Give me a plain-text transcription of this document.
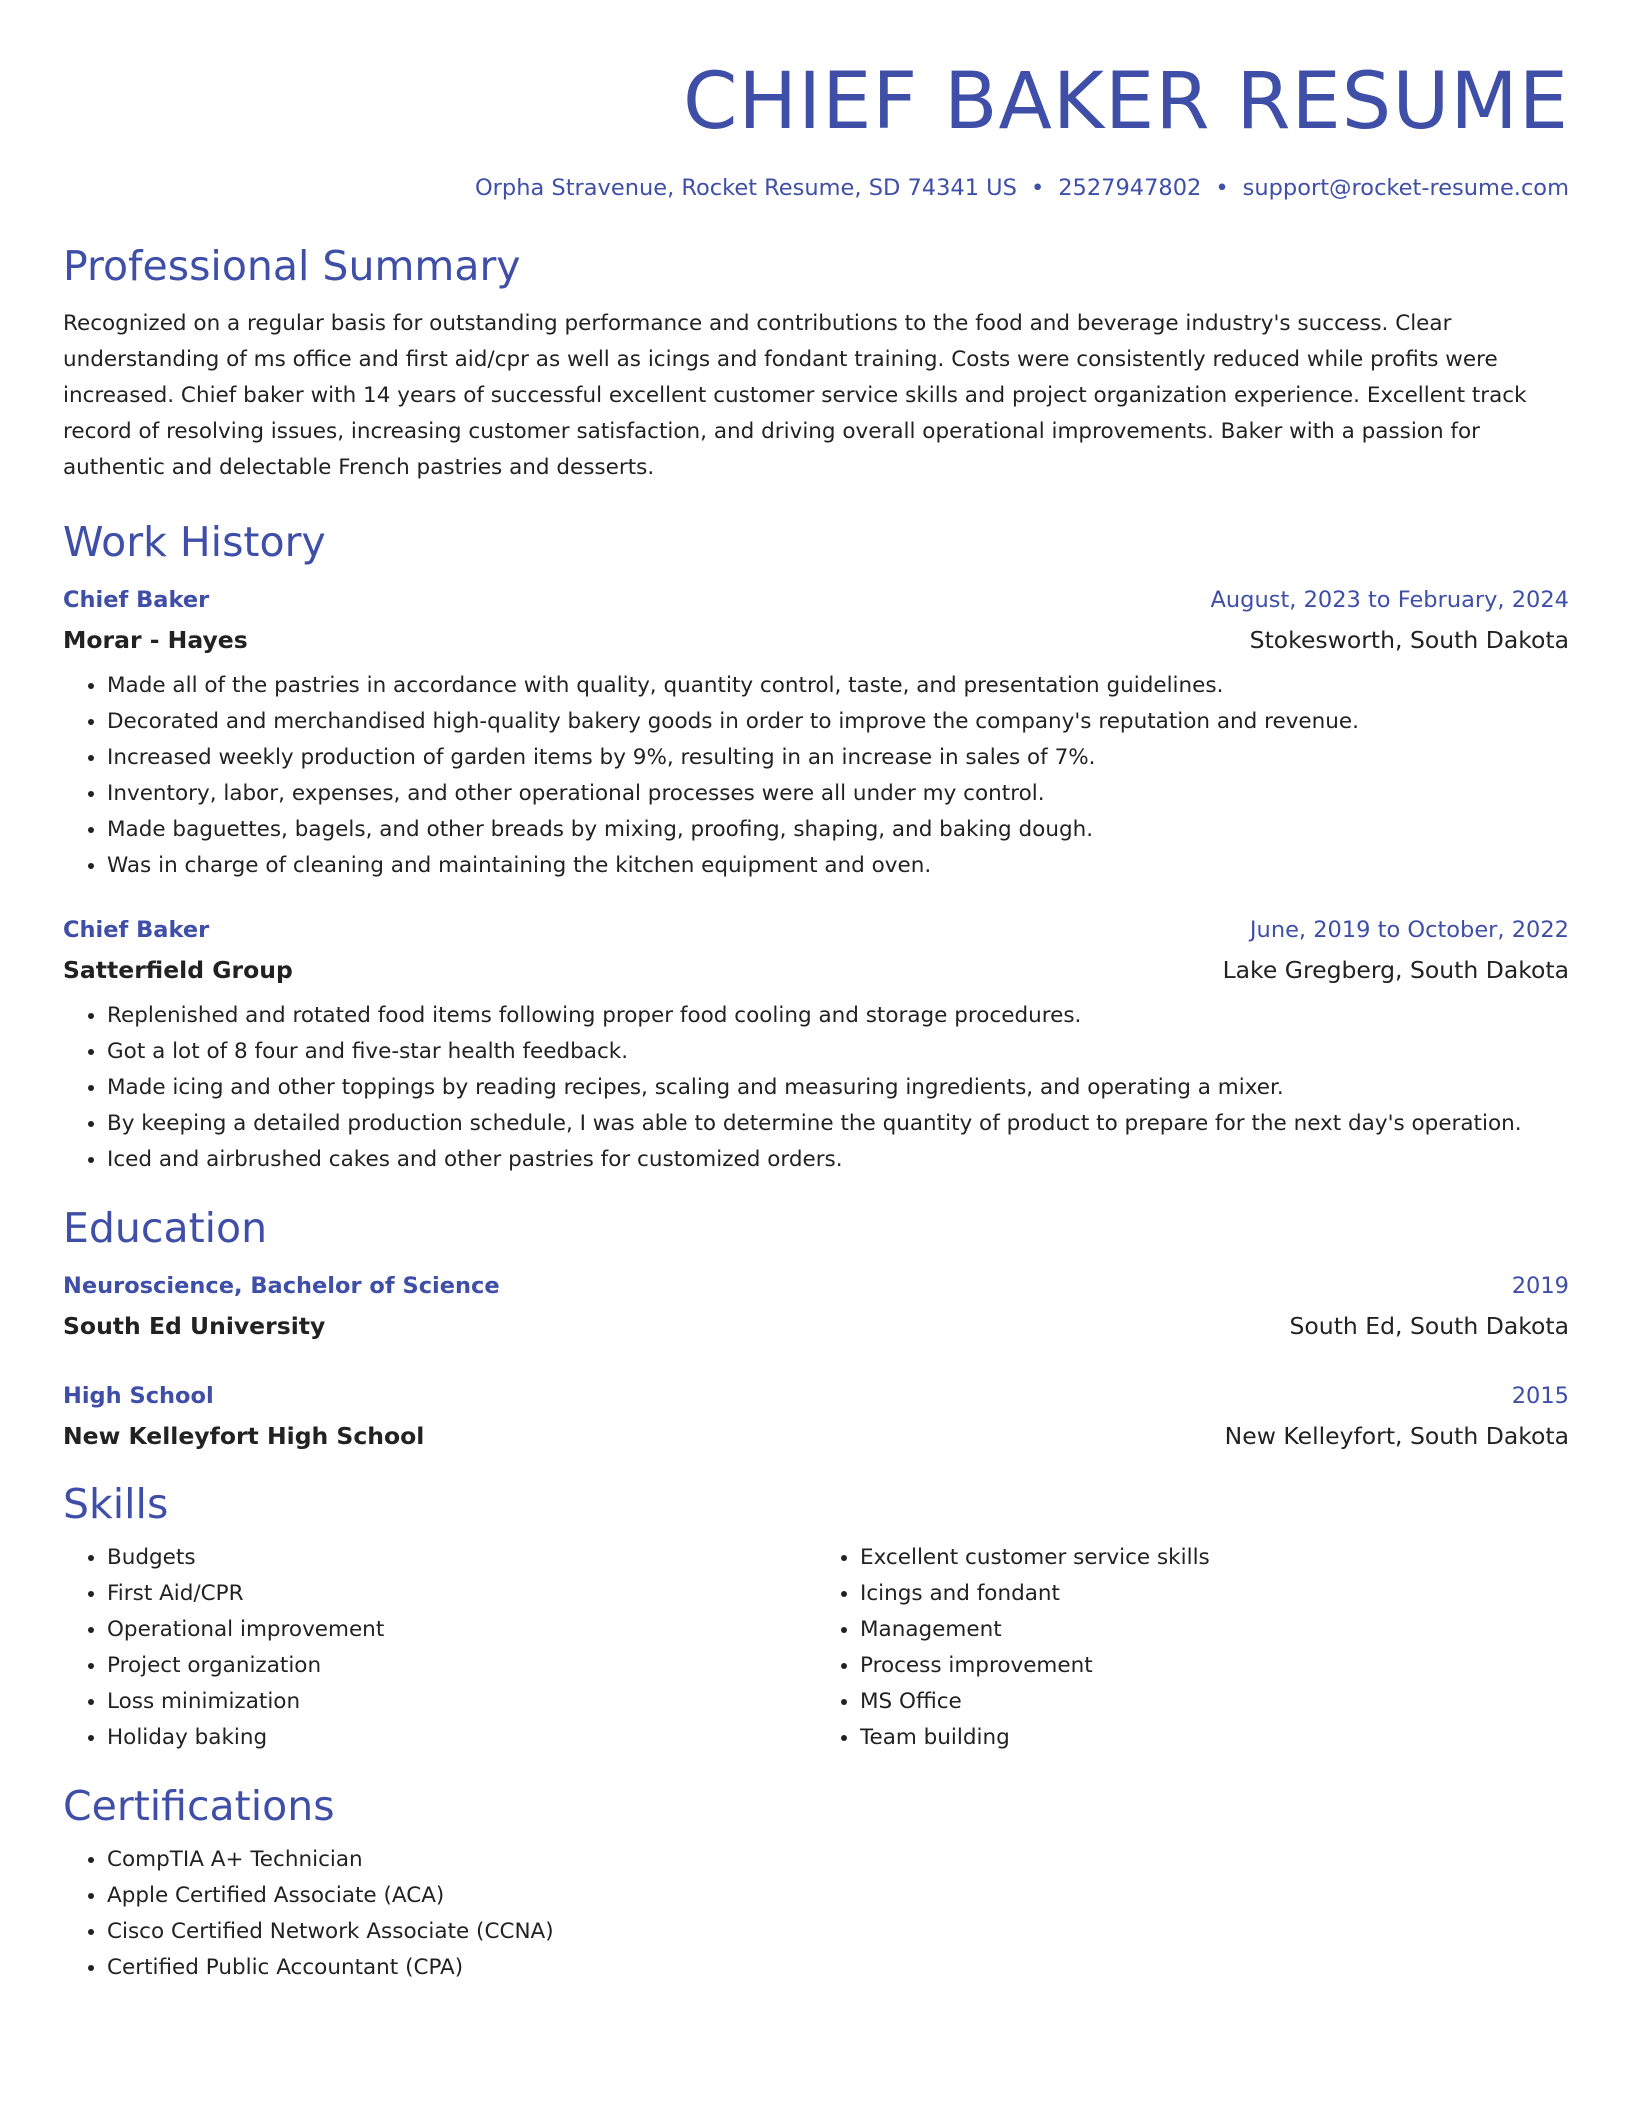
CHIEF BAKER RESUME
Orpha Stravenue, Rocket Resume, SD 74341 US • 2527947802 • support@rocket-resume.com
Professional Summary
Recognized on a regular basis for outstanding performance and contributions to the food and beverage industry's success. Clear understanding of ms office and first aid/cpr as well as icings and fondant training. Costs were consistently reduced while profits were increased. Chief baker with 14 years of successful excellent customer service skills and project organization experience. Excellent track record of resolving issues, increasing customer satisfaction, and driving overall operational improvements. Baker with a passion for authentic and delectable French pastries and desserts.
Work History
Chief Baker	August, 2023 to February, 2024
Morar - Hayes	Stokesworth, South Dakota
• Made all of the pastries in accordance with quality, quantity control, taste, and presentation guidelines.
• Decorated and merchandised high-quality bakery goods in order to improve the company's reputation and revenue.
• Increased weekly production of garden items by 9%, resulting in an increase in sales of 7%.
• Inventory, labor, expenses, and other operational processes were all under my control.
• Made baguettes, bagels, and other breads by mixing, proofing, shaping, and baking dough.
• Was in charge of cleaning and maintaining the kitchen equipment and oven.
Chief Baker	June, 2019 to October, 2022
Satterfield Group	Lake Gregberg, South Dakota
• Replenished and rotated food items following proper food cooling and storage procedures.
• Got a lot of 8 four and five-star health feedback.
• Made icing and other toppings by reading recipes, scaling and measuring ingredients, and operating a mixer.
• By keeping a detailed production schedule, I was able to determine the quantity of product to prepare for the next day's operation.
• Iced and airbrushed cakes and other pastries for customized orders.
Education
Neuroscience, Bachelor of Science	2019
South Ed University	South Ed, South Dakota
High School	2015
New Kelleyfort High School	New Kelleyfort, South Dakota
Skills
• Budgets
• First Aid/CPR
• Operational improvement
• Project organization
• Loss minimization
• Holiday baking
• Excellent customer service skills
• Icings and fondant
• Management
• Process improvement
• MS Office
• Team building
Certifications
• CompTIA A+ Technician
• Apple Certified Associate (ACA)
• Cisco Certified Network Associate (CCNA)
• Certified Public Accountant (CPA)
